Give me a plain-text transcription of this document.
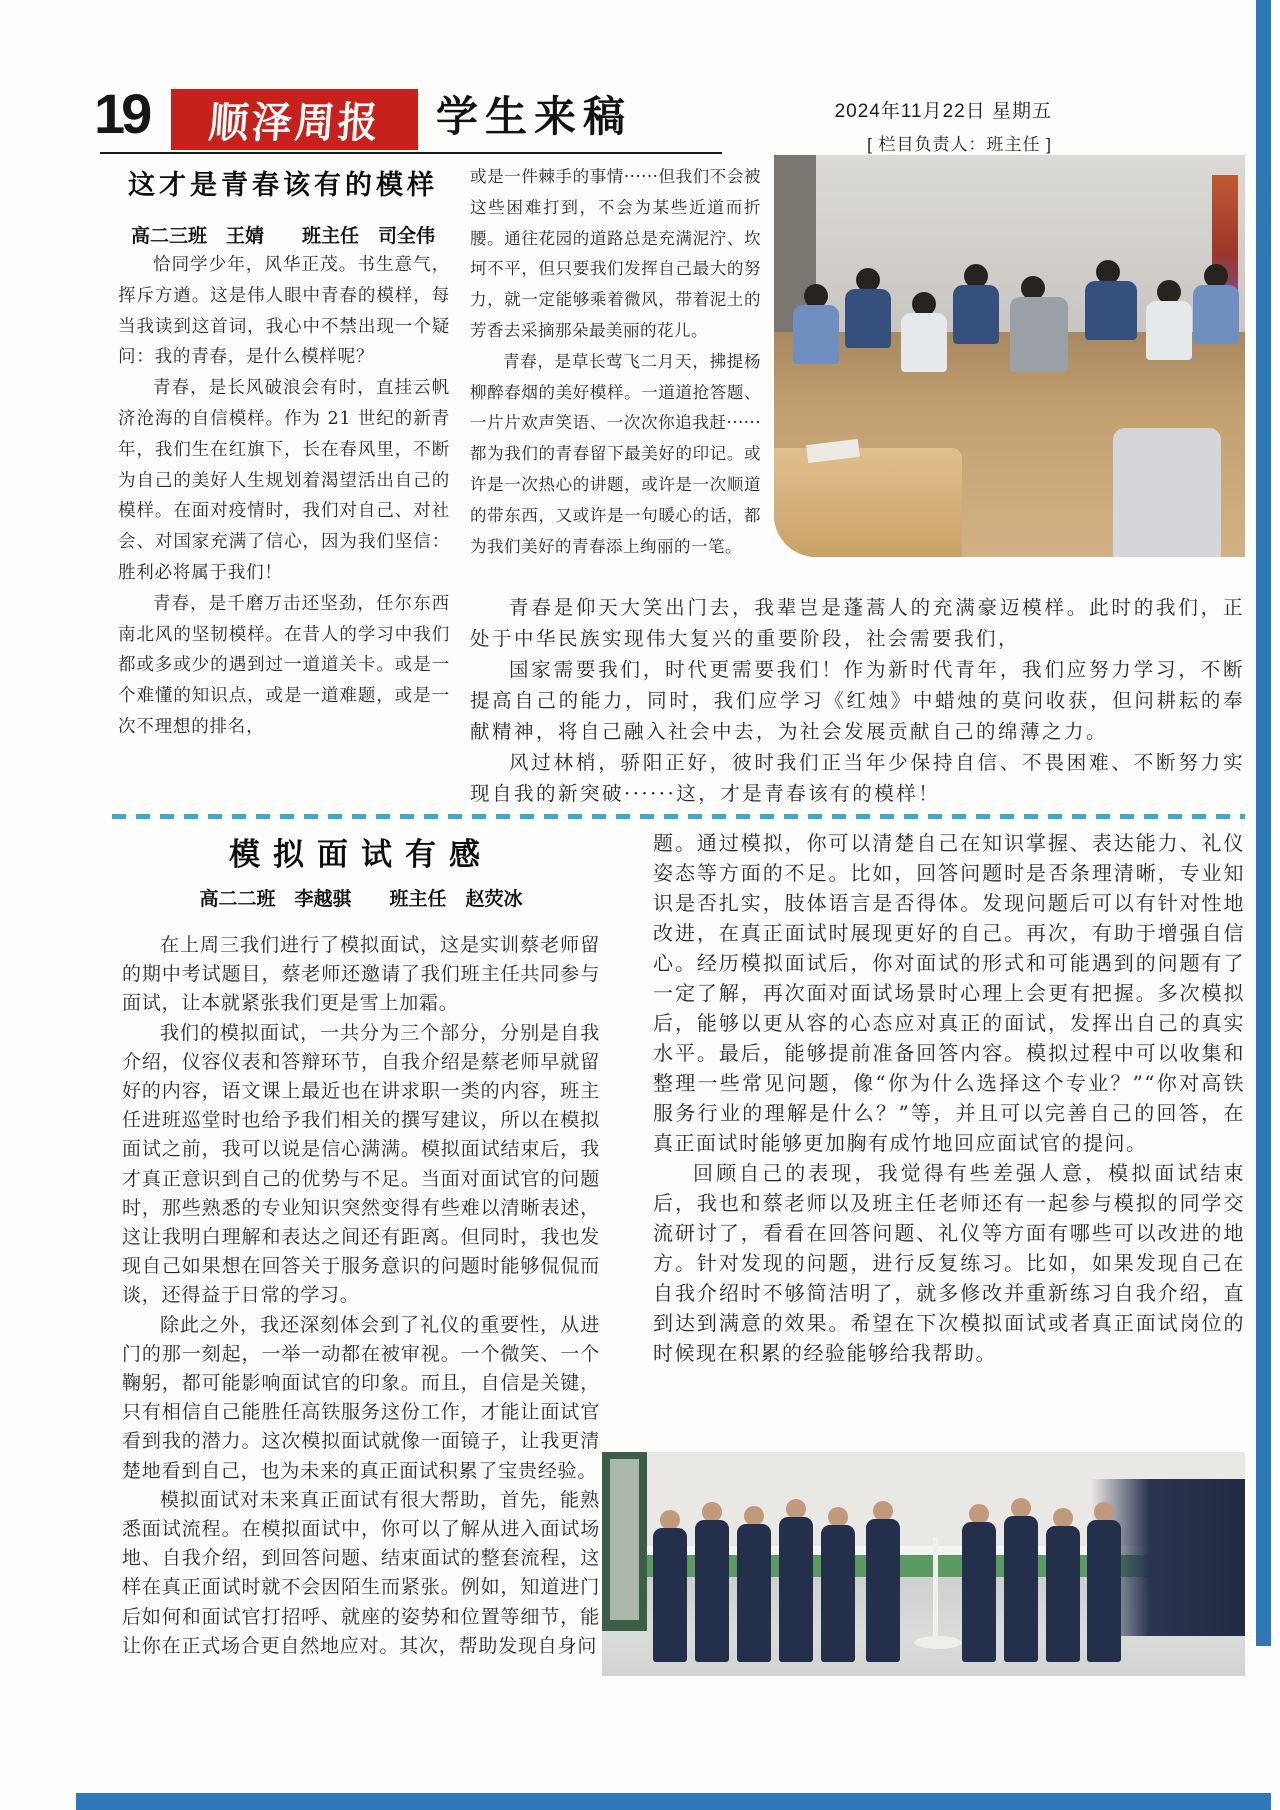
19 顺泽周报 学生来稿	2024年11月22日 星期五
[ 栏目负责人：班主任 ]
这才是青春该有的模样
高二三班　王婧　　班主任　司全伟

恰同学少年，风华正茂。书生意气，挥斥方遒。这是伟人眼中青春的模样，每当我读到这首词，我心中不禁出现一个疑问：我的青春，是什么模样呢？

青春，是长风破浪会有时，直挂云帆济沧海的自信模样。作为 21 世纪的新青年，我们生在红旗下，长在春风里，不断为自己的美好人生规划着渴望活出自己的模样。在面对疫情时，我们对自己、对社会、对国家充满了信心，因为我们坚信：胜利必将属于我们！

青春，是千磨万击还坚劲，任尔东西南北风的坚韧模样。在昔人的学习中我们都或多或少的遇到过一道道关卡。或是一个难懂的知识点，或是一道难题，或是一次不理想的排名，

或是一件棘手的事情······但我们不会被这些困难打到，不会为某些近道而折腰。通往花园的道路总是充满泥泞、坎坷不平，但只要我们发挥自己最大的努力，就一定能够乘着微风，带着泥土的芳香去采摘那朵最美丽的花儿。

青春，是草长莺飞二月天，拂提杨柳醉春烟的美好模样。一道道抢答题、一片片欢声笑语、一次次你追我赶······都为我们的青春留下最美好的印记。或许是一次热心的讲题，或许是一次顺道的带东西，又或许是一句暖心的话，都为我们美好的青春添上绚丽的一笔。

青春是仰天大笑出门去，我辈岂是蓬蒿人的充满豪迈模样。此时的我们，正处于中华民族实现伟大复兴的重要阶段，社会需要我们，

国家需要我们，时代更需要我们！作为新时代青年，我们应努力学习，不断提高自己的能力，同时，我们应学习《红烛》中蜡烛的莫问收获，但问耕耘的奉献精神，将自己融入社会中去，为社会发展贡献自己的绵薄之力。

风过林梢，骄阳正好，彼时我们正当年少保持自信、不畏困难、不断努力实现自我的新突破······这，才是青春该有的模样！

模拟面试有感
高二二班　李越骐　　班主任　赵荧冰

在上周三我们进行了模拟面试，这是实训蔡老师留的期中考试题目，蔡老师还邀请了我们班主任共同参与面试，让本就紧张我们更是雪上加霜。

我们的模拟面试，一共分为三个部分，分别是自我介绍，仪容仪表和答辩环节，自我介绍是蔡老师早就留好的内容，语文课上最近也在讲求职一类的内容，班主任进班巡堂时也给予我们相关的撰写建议，所以在模拟面试之前，我可以说是信心满满。模拟面试结束后，我才真正意识到自己的优势与不足。当面对面试官的问题时，那些熟悉的专业知识突然变得有些难以清晰表述，这让我明白理解和表达之间还有距离。但同时，我也发现自己如果想在回答关于服务意识的问题时能够侃侃而谈，还得益于日常的学习。

除此之外，我还深刻体会到了礼仪的重要性，从进门的那一刻起，一举一动都在被审视。一个微笑、一个鞠躬，都可能影响面试官的印象。而且，自信是关键，只有相信自己能胜任高铁服务这份工作，才能让面试官看到我的潜力。这次模拟面试就像一面镜子，让我更清楚地看到自己，也为未来的真正面试积累了宝贵经验。

模拟面试对未来真正面试有很大帮助，首先，能熟悉面试流程。在模拟面试中，你可以了解从进入面试场地、自我介绍，到回答问题、结束面试的整套流程，这样在真正面试时就不会因陌生而紧张。例如，知道进门后如何和面试官打招呼、就座的姿势和位置等细节，能让你在正式场合更自然地应对。其次，帮助发现自身问

题。通过模拟，你可以清楚自己在知识掌握、表达能力、礼仪姿态等方面的不足。比如，回答问题时是否条理清晰，专业知识是否扎实，肢体语言是否得体。发现问题后可以有针对性地改进，在真正面试时展现更好的自己。再次，有助于增强自信心。经历模拟面试后，你对面试的形式和可能遇到的问题有了一定了解，再次面对面试场景时心理上会更有把握。多次模拟后，能够以更从容的心态应对真正的面试，发挥出自己的真实水平。最后，能够提前准备回答内容。模拟过程中可以收集和整理一些常见问题，像“你为什么选择这个专业？”“你对高铁服务行业的理解是什么？”等，并且可以完善自己的回答，在真正面试时能够更加胸有成竹地回应面试官的提问。

回顾自己的表现，我觉得有些差强人意，模拟面试结束后，我也和蔡老师以及班主任老师还有一起参与模拟的同学交流研讨了，看看在回答问题、礼仪等方面有哪些可以改进的地方。针对发现的问题，进行反复练习。比如，如果发现自己在自我介绍时不够简洁明了，就多修改并重新练习自我介绍，直到达到满意的效果。希望在下次模拟面试或者真正面试岗位的时候现在积累的经验能够给我帮助。
